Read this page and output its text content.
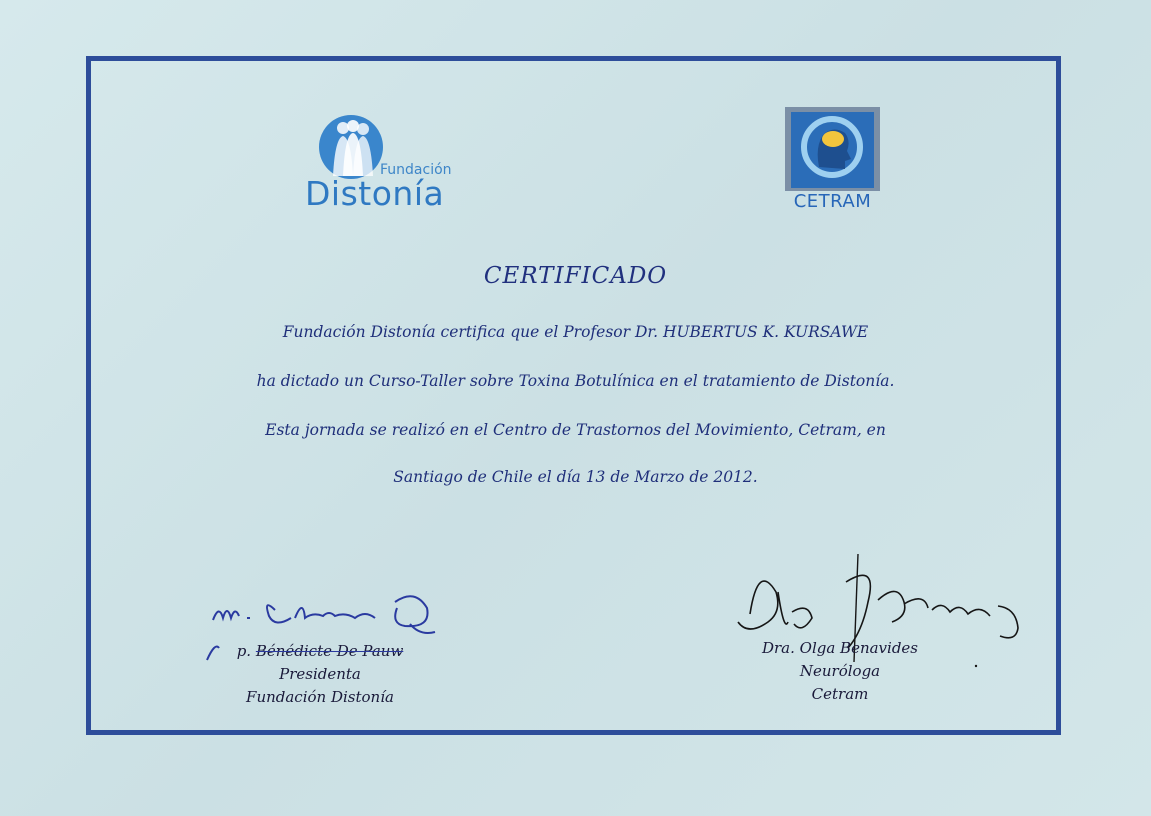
Fundación
Distonía	CETRAM
CERTIFICADO
Fundación Distonía certifica que el Profesor Dr. HUBERTUS K. KURSAWE
ha dictado un Curso-Taller sobre Toxina Botulínica en el tratamiento de Distonía.
Esta jornada se realizó en el Centro de Trastornos del Movimiento, Cetram, en
Santiago de Chile el día 13 de Marzo de 2012.
p. Bénédicte De Pauw
Presidenta
Fundación Distonía
Dra. Olga Benavides
Neuróloga
Cetram
